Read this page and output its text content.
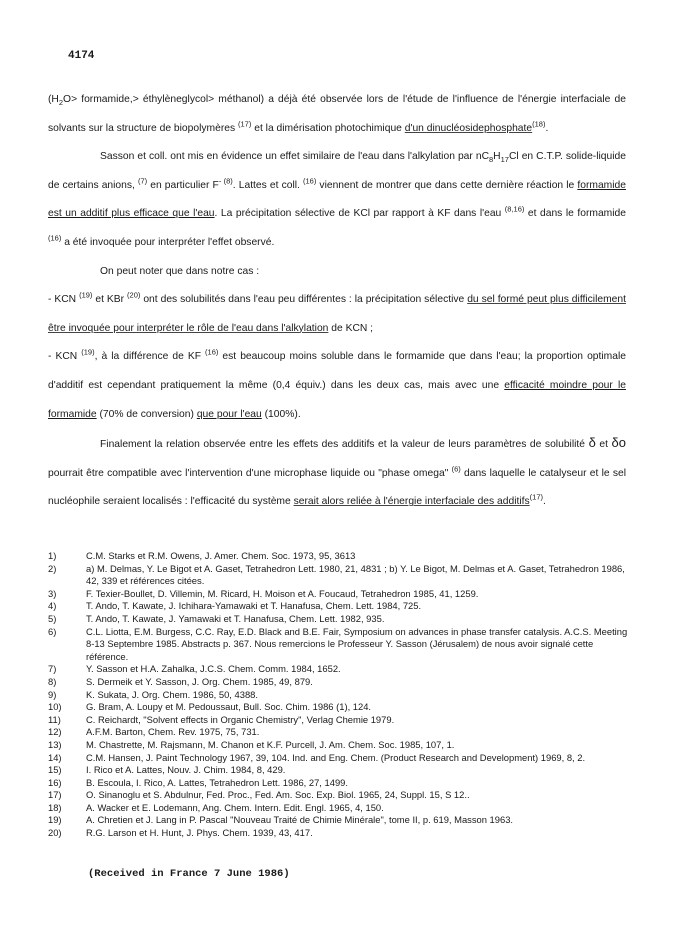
4174

($H_2O>$ formamide,> éthylèneglycol> méthanol) a déjà été observée lors de l'étude de l'influence de l'énergie interfaciale de solvants sur la structure de biopolymères $^{(17)}$ et la dimérisation photochimique d'un dinucléosidephosphate$^{(18)}$.

Sasson et coll. ont mis en évidence un effet similaire de l'eau dans l'alkylation par $nC_8H_{17}Cl$ en C.T.P. solide-liquide de certains anions, $^{(7)}$ en particulier F- $^{(8)}$. Lattes et coll. $^{(16)}$ viennent de montrer que dans cette dernière réaction le formamide est un additif plus efficace que l'eau. La précipitation sélective de KCl par rapport à KF dans l'eau $^{(8,16)}$ et dans le formamide $^{(16)}$ a été invoquée pour interpréter l'effet observé.

On peut noter que dans notre cas :

- KCN $^{(19)}$ et KBr $^{(20)}$ ont des solubilités dans l'eau peu différentes : la précipitation sélective du sel formé peut plus difficilement être invoquée pour interpréter le rôle de l'eau dans l'alkylation de KCN ;

- KCN $^{(19)}$, à la différence de KF $^{(16)}$ est beaucoup moins soluble dans le formamide que dans l'eau; la proportion optimale d'additif est cependant pratiquement la même (0,4 équiv.) dans les deux cas, mais avec une efficacité moindre pour le formamide (70% de conversion) que pour l'eau (100%).

Finalement la relation observée entre les effets des additifs et la valeur de leurs paramètres de solubilité δ et δo pourrait être compatible avec l'intervention d'une microphase liquide ou "phase omega" $^{(6)}$ dans laquelle le catalyseur et le sel nucléophile seraient localisés : l'efficacité du système serait alors reliée à l'énergie interfaciale des additifs$^{(17)}$.

1)	C.M. Starks et R.M. Owens, J. Amer. Chem. Soc. 1973, 95, 3613
2)	a) M. Delmas, Y. Le Bigot et A. Gaset, Tetrahedron Lett. 1980, 21, 4831 ; b) Y. Le Bigot, M. Delmas et A. Gaset, Tetrahedron 1986, 42, 339 et références citées.
3)	F. Texier-Boullet, D. Villemin, M. Ricard, H. Moison et A. Foucaud, Tetrahedron 1985, 41, 1259.
4)	T. Ando, T. Kawate, J. Ichihara-Yamawaki et T. Hanafusa, Chem. Lett. 1984, 725.
5)	T. Ando, T. Kawate, J. Yamawaki et T. Hanafusa, Chem. Lett. 1982, 935.
6)	C.L. Liotta, E.M. Burgess, C.C. Ray, E.D. Black and B.E. Fair, Symposium on advances in phase transfer catalysis. A.C.S. Meeting 8-13 Septembre 1985. Abstracts p. 367. Nous remercions le Professeur Y. Sasson (Jérusalem) de nous avoir signalé cette référence.
7)	Y. Sasson et H.A. Zahalka, J.C.S. Chem. Comm. 1984, 1652.
8)	S. Dermeik et Y. Sasson, J. Org. Chem. 1985, 49, 879.
9)	K. Sukata, J. Org. Chem. 1986, 50, 4388.
10)	G. Bram, A. Loupy et M. Pedoussaut, Bull. Soc. Chim. 1986 (1), 124.
11)	C. Reichardt, "Solvent effects in Organic Chemistry", Verlag Chemie 1979.
12)	A.F.M. Barton, Chem. Rev. 1975, 75, 731.
13)	M. Chastrette, M. Rajsmann, M. Chanon et K.F. Purcell, J. Am. Chem. Soc. 1985, 107, 1.
14)	C.M. Hansen, J. Paint Technology 1967, 39, 104. Ind. and Eng. Chem. (Product Research and Development) 1969, 8, 2.
15)	I. Rico et A. Lattes, Nouv. J. Chim. 1984, 8, 429.
16)	B. Escoula, I. Rico, A. Lattes, Tetrahedron Lett. 1986, 27, 1499.
17)	O. Sinanoglu et S. Abdulnur, Fed. Proc., Fed. Am. Soc. Exp. Biol. 1965, 24, Suppl. 15, S 12..
18)	A. Wacker et E. Lodemann, Ang. Chem. Intern. Edit. Engl. 1965, 4, 150.
19)	A. Chretien et J. Lang in P. Pascal "Nouveau Traité de Chimie Minérale", tome II, p. 619, Masson 1963.
20)	R.G. Larson et H. Hunt, J. Phys. Chem. 1939, 43, 417.
(Received in France 7 June 1986)
